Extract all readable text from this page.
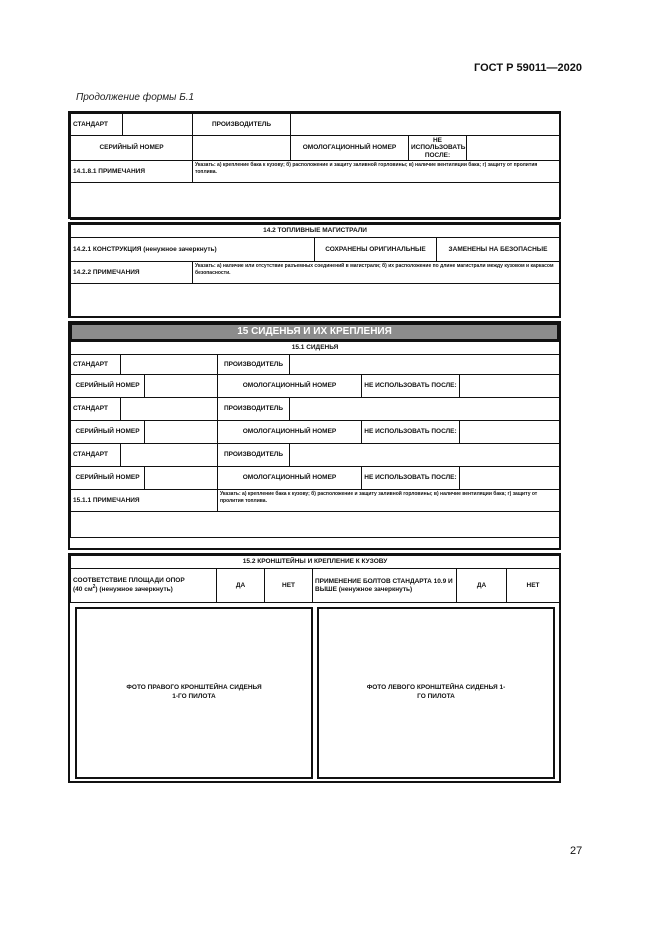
ГОСТ Р 59011—2020
Продолжение формы Б.1
СТАНДАРТ		ПРОИЗВОДИТЕЛЬ			
СЕРИЙНЫЙ НОМЕР			ОМОЛОГАЦИОННЫЙ НОМЕР	НЕ ИСПОЛЬЗОВАТЬ ПОСЛЕ:	
14.1.8.1 ПРИМЕЧАНИЯ		Указать: а) крепление бака к кузову; б) расположение и защиту заливной горловины; в) наличие вентиляции бака; г) защиту от пролития топлива.			

14.2 ТОПЛИВНЫЕ МАГИСТРАЛИ			
14.2.1 КОНСТРУКЦИЯ (ненужное зачеркнуть)		СОХРАНЕНЫ ОРИГИНАЛЬНЫЕ	ЗАМЕНЕНЫ НА БЕЗОПАСНЫЕ
14.2.2 ПРИМЕЧАНИЯ	Указать: а) наличие или отсутствие разъемных соединений в магистрали; б) их расположение по длине магистрали между кузовом и каркасом безопасности.		

15 СИДЕНЬЯ И ИХ КРЕПЛЕНИЯ
15.1 СИДЕНЬЯ						
СТАНДАРТ			ПРОИЗВОДИТЕЛЬ			
СЕРИЙНЫЙ НОМЕР			ОМОЛОГАЦИОННЫЙ НОМЕР		НЕ ИСПОЛЬЗОВАТЬ ПОСЛЕ:	
СТАНДАРТ			ПРОИЗВОДИТЕЛЬ			
СЕРИЙНЫЙ НОМЕР			ОМОЛОГАЦИОННЫЙ НОМЕР		НЕ ИСПОЛЬЗОВАТЬ ПОСЛЕ:	
СТАНДАРТ			ПРОИЗВОДИТЕЛЬ			
СЕРИЙНЫЙ НОМЕР			ОМОЛОГАЦИОННЫЙ НОМЕР		НЕ ИСПОЛЬЗОВАТЬ ПОСЛЕ:	
15.1.1 ПРИМЕЧАНИЯ			Указать: а) крепление бака к кузову; б) расположение и защиту заливной горловины; в) наличие вентиляции бака; г) защиту от пролития топлива.			

15.2 КРОНШТЕЙНЫ И КРЕПЛЕНИЕ К КУЗОВУ
СООТВЕТСТВИЕ ПЛОЩАДИ ОПОР
(40 $см^2$) (ненужное зачеркнуть)	ДА	НЕТ	ПРИМЕНЕНИЕ БОЛТОВ СТАНДАРТА 10.9 И ВЫШЕ (ненужное зачеркнуть)	ДА	НЕТ
ФОТО ПРАВОГО КРОНШТЕЙНА СИДЕНЬЯ 1-ГО ПИЛОТА
ФОТО ЛЕВОГО КРОНШТЕЙНА СИДЕНЬЯ 1-ГО ПИЛОТА
27
